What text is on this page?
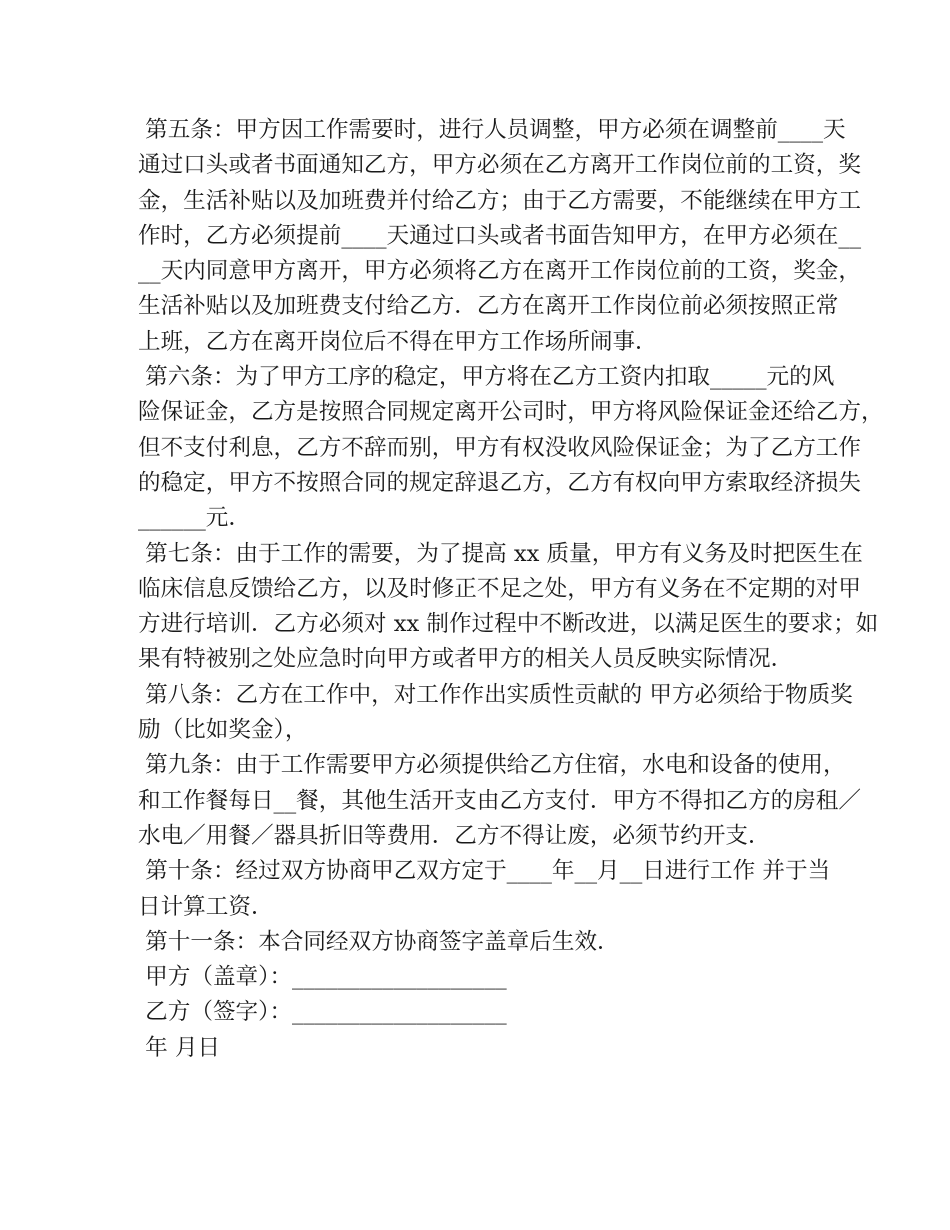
第五条：甲方因工作需要时，进行人员调整，甲方必须在调整前____天
通过口头或者书面通知乙方，甲方必须在乙方离开工作岗位前的工资，奖
金，生活补贴以及加班费并付给乙方；由于乙方需要，不能继续在甲方工
作时，乙方必须提前____天通过口头或者书面告知甲方，在甲方必须在__
__天内同意甲方离开，甲方必须将乙方在离开工作岗位前的工资，奖金，
生活补贴以及加班费支付给乙方．乙方在离开工作岗位前必须按照正常
上班，乙方在离开岗位后不得在甲方工作场所闹事．
第六条：为了甲方工序的稳定，甲方将在乙方工资内扣取_____元的风
险保证金，乙方是按照合同规定离开公司时，甲方将风险保证金还给乙方，
但不支付利息，乙方不辞而别，甲方有权没收风险保证金；为了乙方工作
的稳定，甲方不按照合同的规定辞退乙方，乙方有权向甲方索取经济损失
______元．
第七条：由于工作的需要，为了提高 xx 质量，甲方有义务及时把医生在
临床信息反馈给乙方，以及时修正不足之处，甲方有义务在不定期的对甲
方进行培训．乙方必须对 xx 制作过程中不断改进，以满足医生的要求；如
果有特被别之处应急时向甲方或者甲方的相关人员反映实际情况．
第八条：乙方在工作中，对工作作出实质性贡献的 甲方必须给于物质奖
励（比如奖金），
第九条：由于工作需要甲方必须提供给乙方住宿，水电和设备的使用，
和工作餐每日__餐，其他生活开支由乙方支付．甲方不得扣乙方的房租／
水电／用餐／器具折旧等费用．乙方不得让废，必须节约开支．
第十条：经过双方协商甲乙双方定于____年__月__日进行工作 并于当
日计算工资．
第十一条：本合同经双方协商签字盖章后生效．
甲方（盖章）：___________________
乙方（签字）：___________________
年 月日
